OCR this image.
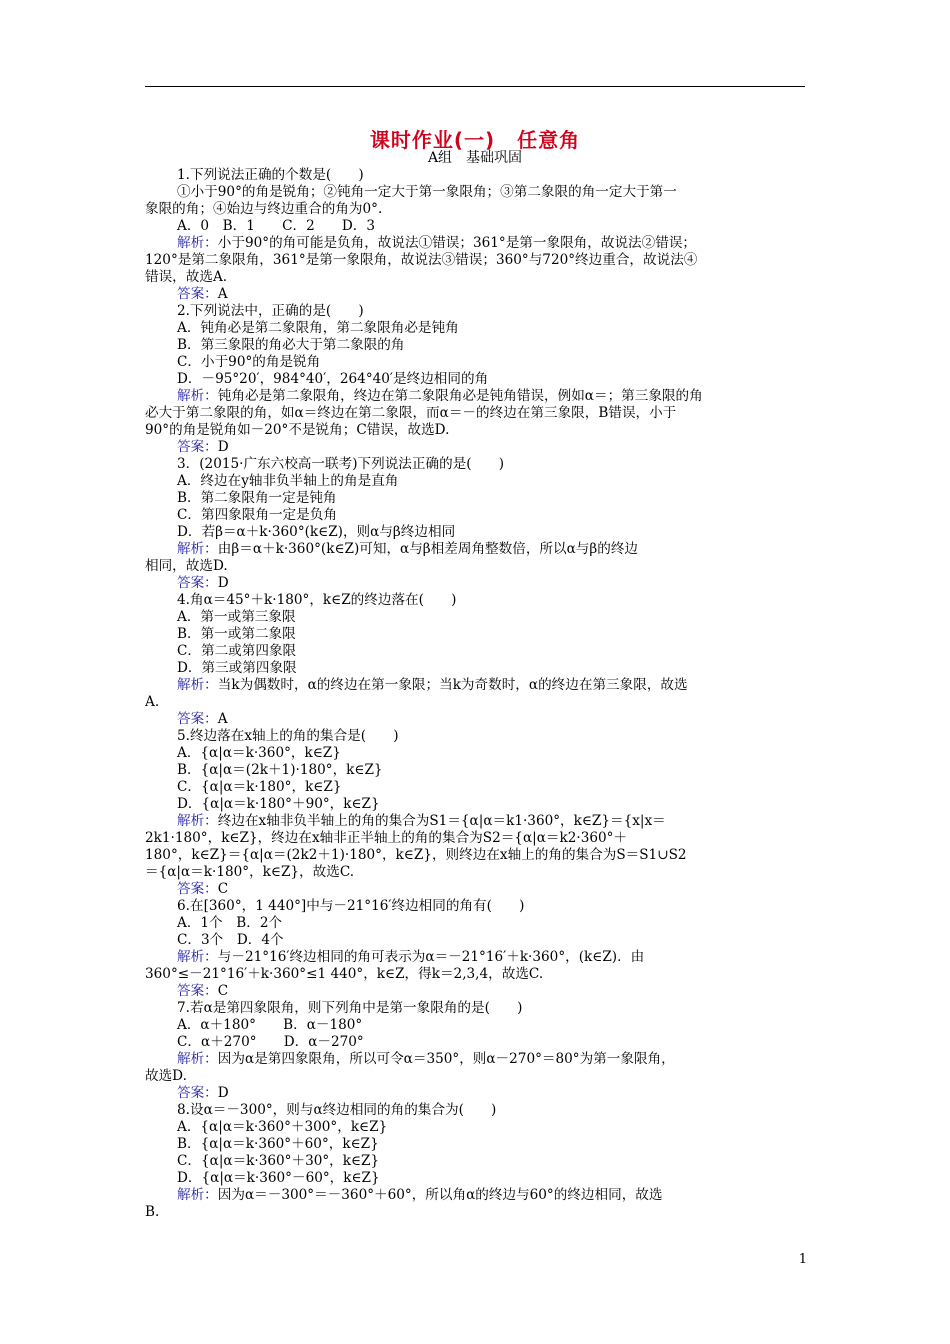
课时作业(一) 任意角
A组　基础巩固
1.下列说法正确的个数是(　　)
①小于90°的角是锐角；②钝角一定大于第一象限角；③第二象限的角一定大于第一
象限的角；④始边与终边重合的角为0°.
A．0　B．1　　C．2　　D．3
解析：小于90°的角可能是负角，故说法①错误；361°是第一象限角，故说法②错误；
120°是第二象限角，361°是第一象限角，故说法③错误；360°与720°终边重合，故说法④
错误，故选A.
答案：A
2.下列说法中，正确的是(　　)
A．钝角必是第二象限角，第二象限角必是钝角
B．第三象限的角必大于第二象限的角
C．小于90°的角是锐角
D．－95°20′，984°40′，264°40′是终边相同的角
解析：钝角必是第二象限角，终边在第二象限角必是钝角错误，例如α＝；第三象限的角
必大于第二象限的角，如α＝终边在第二象限，而α＝－的终边在第三象限，B错误，小于
90°的角是锐角如－20°不是锐角；C错误，故选D.
答案：D
3．(2015·广东六校高一联考)下列说法正确的是(　　)
A．终边在y轴非负半轴上的角是直角
B．第二象限角一定是钝角
C．第四象限角一定是负角
D．若β＝α＋k·360°(k∈Z)，则α与β终边相同
解析：由β＝α＋k·360°(k∈Z)可知，α与β相差周角整数倍，所以α与β的终边
相同，故选D.
答案：D
4.角α＝45°＋k·180°，k∈Z的终边落在(　　)
A．第一或第三象限
B．第一或第二象限
C．第二或第四象限
D．第三或第四象限
解析：当k为偶数时，α的终边在第一象限；当k为奇数时，α的终边在第三象限，故选
A.
答案：A
5.终边落在x轴上的角的集合是(　　)
A．{α|α＝k·360°，k∈Z}
B．{α|α＝(2k＋1)·180°，k∈Z}
C．{α|α＝k·180°，k∈Z}
D．{α|α＝k·180°＋90°，k∈Z}
解析：终边在x轴非负半轴上的角的集合为S1＝{α|α＝k1·360°，k∈Z}＝{x|x＝
2k1·180°，k∈Z}，终边在x轴非正半轴上的角的集合为S2＝{α|α＝k2·360°＋
180°，k∈Z}＝{α|α＝(2k2＋1)·180°，k∈Z}，则终边在x轴上的角的集合为S＝S1∪S2
＝{α|α＝k·180°，k∈Z}，故选C.
答案：C
6.在[360°，1 440°]中与－21°16′终边相同的角有(　　)
A．1个　B．2个
C．3个　D．4个
解析：与－21°16′终边相同的角可表示为α＝－21°16′＋k·360°，(k∈Z)．由
360°≤－21°16′＋k·360°≤1 440°，k∈Z，得k＝2,3,4，故选C.
答案：C
7.若α是第四象限角，则下列角中是第一象限角的是(　　)
A．α＋180°　　B．α－180°
C．α＋270°　　D．α－270°
解析：因为α是第四象限角，所以可令α＝350°，则α－270°＝80°为第一象限角，
故选D.
答案：D
8.设α＝－300°，则与α终边相同的角的集合为(　　)
A．{α|α＝k·360°＋300°，k∈Z}
B．{α|α＝k·360°＋60°，k∈Z}
C．{α|α＝k·360°＋30°，k∈Z}
D．{α|α＝k·360°－60°，k∈Z}
解析：因为α＝－300°＝－360°＋60°，所以角α的终边与60°的终边相同，故选
B.
1
